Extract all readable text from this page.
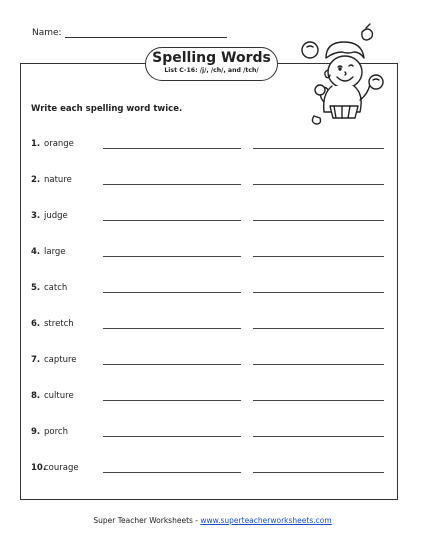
Name:
Spelling Words
List C-16: /j/, /ch/, and /tch/
Write each spelling word twice.
1. orange
2. nature
3. judge
4. large
5. catch
6. stretch
7. capture
8. culture
9. porch
10.
courage
Super Teacher Worksheets - www.superteacherworksheets.com
